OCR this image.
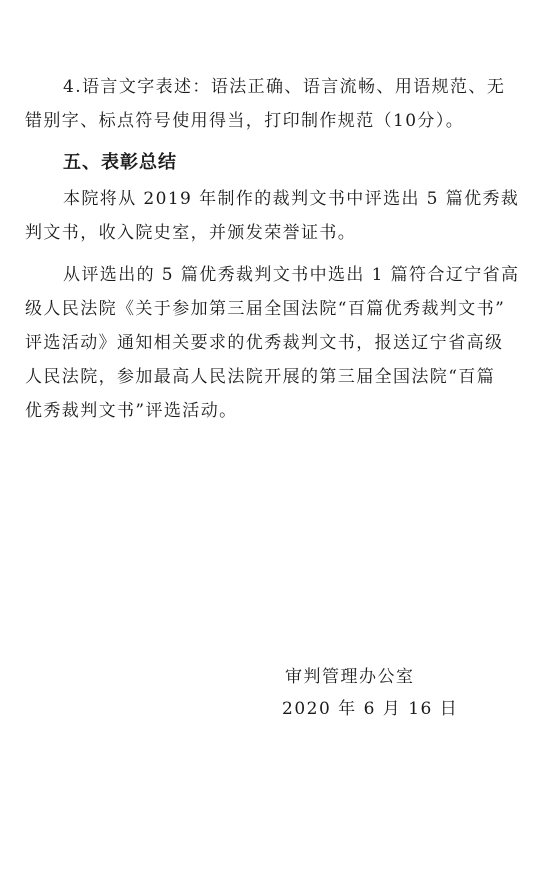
4.语言文字表述：语法正确、语言流畅、用语规范、无
错别字、标点符号使用得当，打印制作规范（10分）。
五、表彰总结
本院将从 2019 年制作的裁判文书中评选出 5 篇优秀裁
判文书，收入院史室，并颁发荣誉证书。
从评选出的 5 篇优秀裁判文书中选出 1 篇符合辽宁省高
级人民法院《关于参加第三届全国法院“百篇优秀裁判文书”
评选活动》通知相关要求的优秀裁判文书，报送辽宁省高级
人民法院，参加最高人民法院开展的第三届全国法院“百篇
优秀裁判文书”评选活动。
审判管理办公室
2020 年 6 月 16 日
